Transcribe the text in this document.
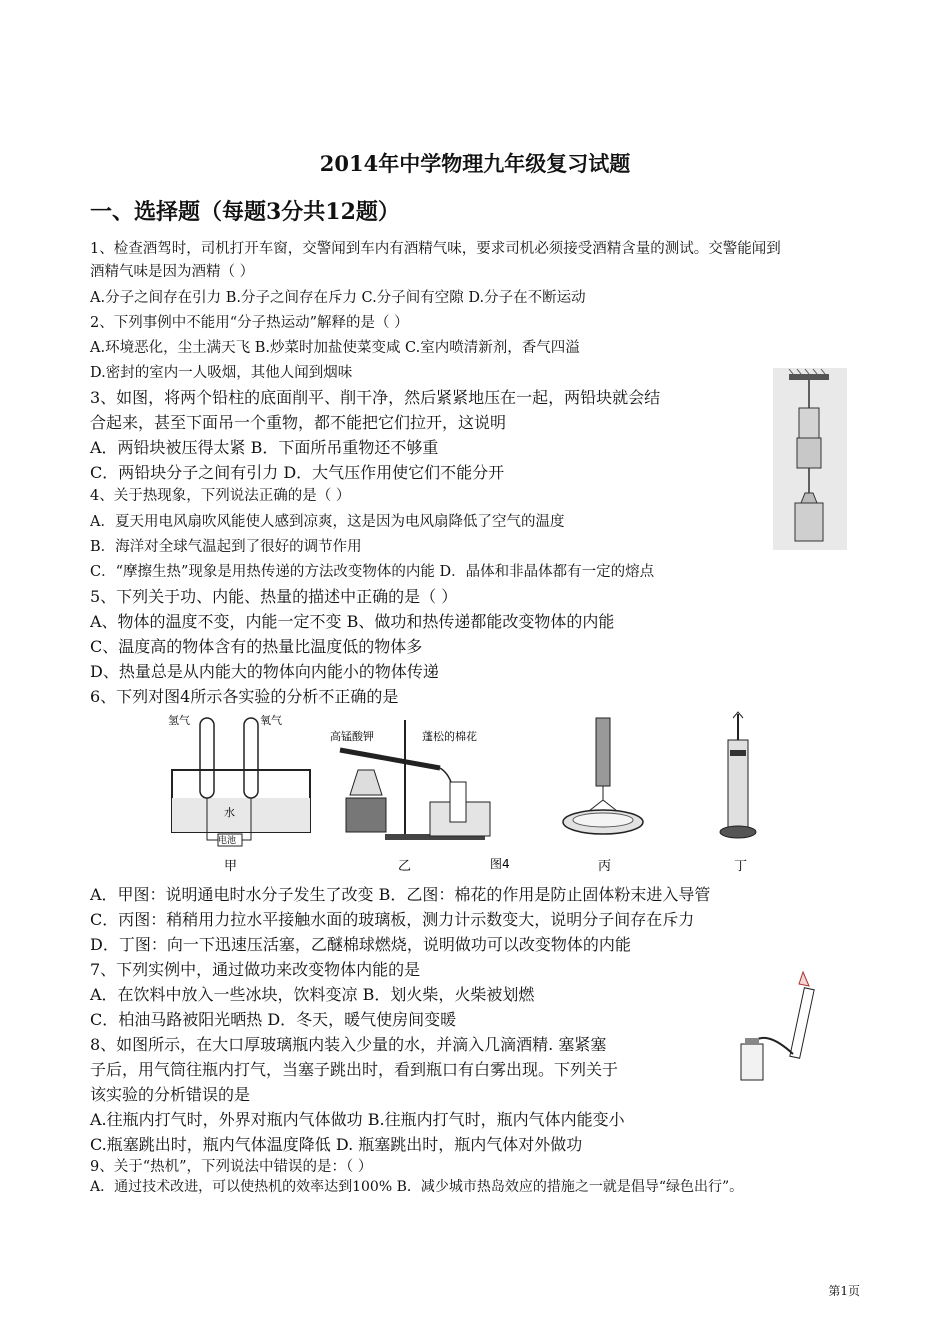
2014年中学物理九年级复习试题
一、选择题（每题3分共12题）
1、检查酒驾时，司机打开车窗，交警闻到车内有酒精气味，要求司机必须接受酒精含量的测试。交警能闻到
酒精气味是因为酒精（ ）
A.分子之间存在引力 B.分子之间存在斥力 C.分子间有空隙 D.分子在不断运动
2、下列事例中不能用“分子热运动”解释的是（ ）
A.环境恶化，尘土满天飞 B.炒菜时加盐使菜变咸 C.室内喷清新剂，香气四溢
D.密封的室内一人吸烟，其他人闻到烟味
3、如图，将两个铅柱的底面削平、削干净，然后紧紧地压在一起，两铅块就会结
合起来，甚至下面吊一个重物，都不能把它们拉开，这说明
A．两铅块被压得太紧 B．下面所吊重物还不够重
C．两铅块分子之间有引力 D．大气压作用使它们不能分开
4、关于热现象，下列说法正确的是（ ）
A．夏天用电风扇吹风能使人感到凉爽，这是因为电风扇降低了空气的温度
B．海洋对全球气温起到了很好的调节作用
C．“摩擦生热”现象是用热传递的方法改变物体的内能 D．晶体和非晶体都有一定的熔点
5、下列关于功、内能、热量的描述中正确的是（ ）
A、物体的温度不变，内能一定不变 B、做功和热传递都能改变物体的内能
C、温度高的物体含有的热量比温度低的物体多
D、热量总是从内能大的物体向内能小的物体传递
6、下列对图4所示各实验的分析不正确的是
A．甲图：说明通电时水分子发生了改变 B．乙图：棉花的作用是防止固体粉末进入导管
C．丙图：稍稍用力拉水平接触水面的玻璃板，测力计示数变大，说明分子间存在斥力
D．丁图：向一下迅速压活塞，乙醚棉球燃烧，说明做功可以改变物体的内能
7、下列实例中，通过做功来改变物体内能的是
A．在饮料中放入一些冰块，饮料变凉 B．划火柴，火柴被划燃
C．柏油马路被阳光晒热 D．冬天，暖气使房间变暖
8、如图所示，在大口厚玻璃瓶内装入少量的水，并滴入几滴酒精. 塞紧塞
子后，用气筒往瓶内打气，当塞子跳出时，看到瓶口有白雾出现。下列关于
该实验的分析错误的是
A.往瓶内打气时，外界对瓶内气体做功 B.往瓶内打气时，瓶内气体内能变小
C.瓶塞跳出时，瓶内气体温度降低 D. 瓶塞跳出时，瓶内气体对外做功
9、关于“热机”，下列说法中错误的是：（ ）
A．通过技术改进，可以使热机的效率达到100% B．减少城市热岛效应的措施之一就是倡导“绿色出行”。
氢气	氧气
水
电池
甲
高锰酸钾	蓬松的棉花
乙	丙	丁
图4
第1页
